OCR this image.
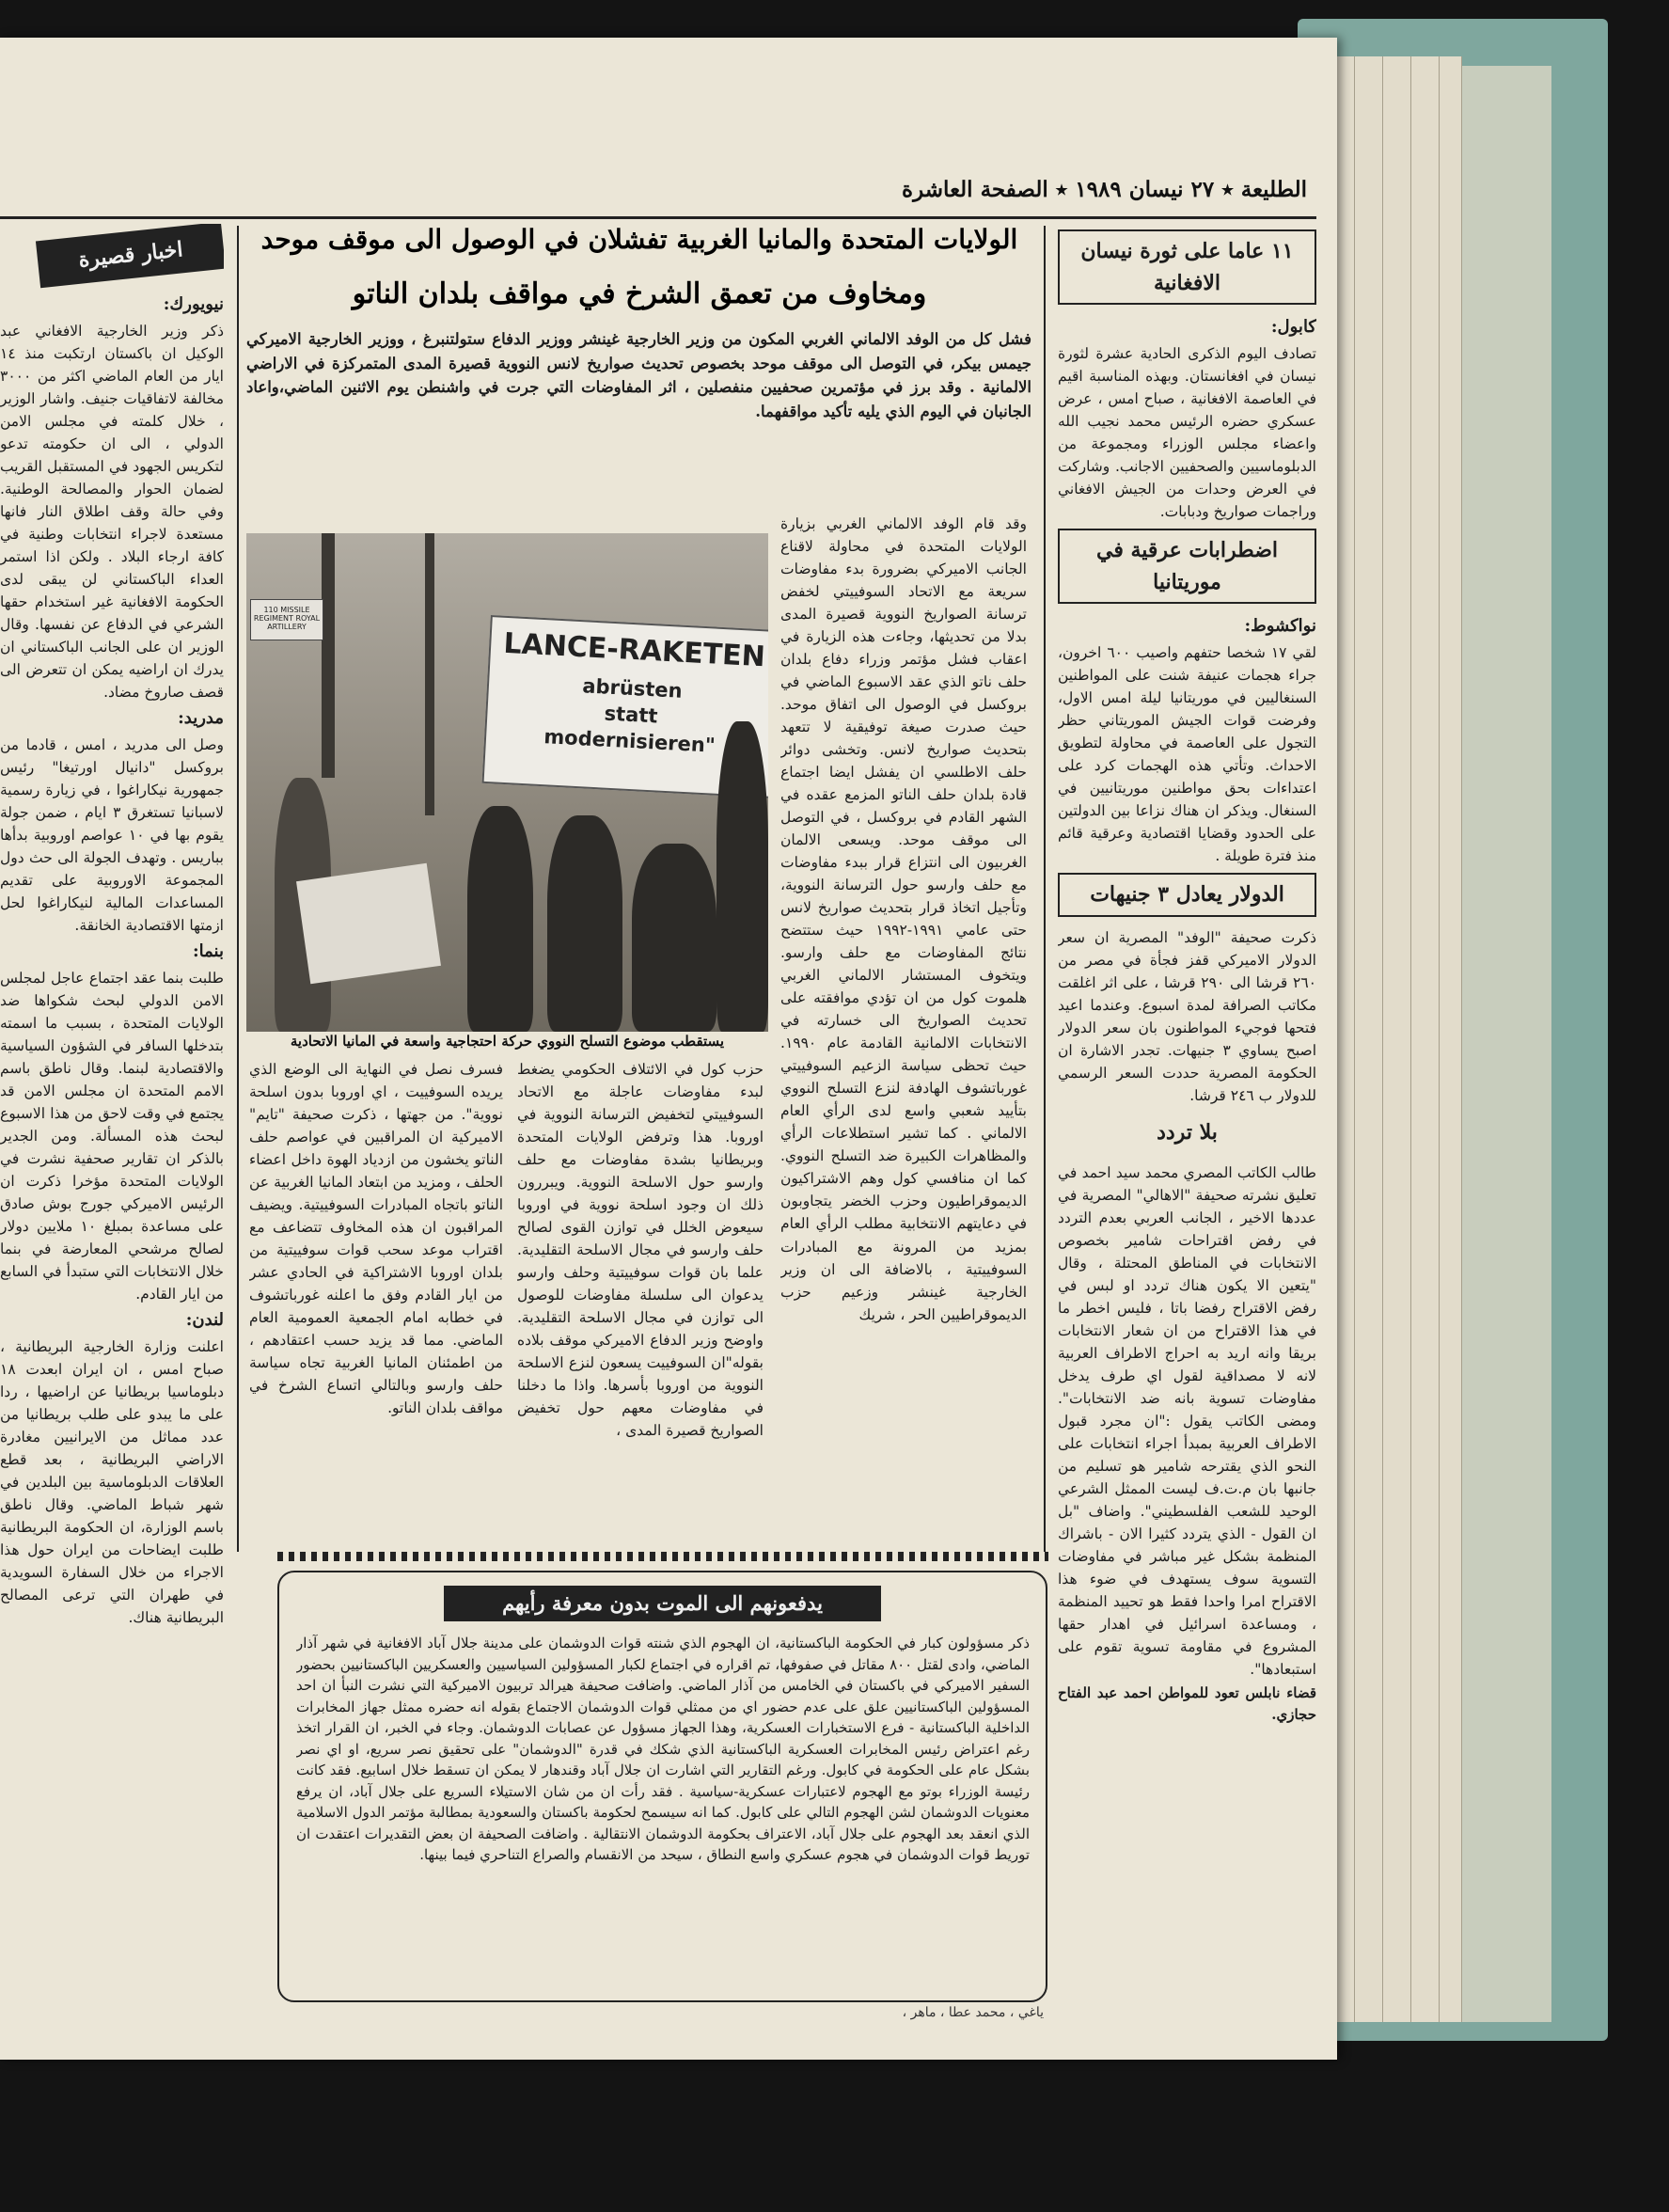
الطليعة ٭ ٢٧ نيسان ١٩٨٩ ٭ الصفحة العاشرة
الولايات المتحدة والمانيا الغربية تفشلان في الوصول الى موقف موحد
ومخاوف من تعمق الشرخ في مواقف بلدان الناتو

فشل كل من الوفد الالماني الغربي المكون من وزير الخارجية غينشر ووزير الدفاع ستولتنبرغ ، ووزير الخارجية الاميركي جيمس بيكر، في التوصل الى موقف موحد بخصوص تحديث صواريخ لانس النووية قصيرة المدى المتمركزة في الاراضي الالمانية . وقد برز في مؤتمرين صحفيين منفصلين ، اثر المفاوضات التي جرت في واشنطن يوم الاثنين الماضي،واعاد الجانبان في اليوم الذي يليه تأكيد مواقفهما.

110 MISSILE REGIMENT ROYAL ARTILLERY
LANCE-RAKETEN
abrüsten
statt
modernisieren"
يستقطب موضوع التسلح النووي حركة احتجاجية واسعة في المانيا الاتحادية

وقد قام الوفد الالماني الغربي بزيارة الولايات المتحدة في محاولة لاقناع الجانب الاميركي بضرورة بدء مفاوضات سريعة مع الاتحاد السوفييتي لخفض ترسانة الصواريخ النووية قصيرة المدى بدلا من تحديثها، وجاءت هذه الزيارة في اعقاب فشل مؤتمر وزراء دفاع بلدان حلف ناتو الذي عقد الاسبوع الماضي في بروكسل في الوصول الى اتفاق موحد. حيث صدرت صيغة توفيقية لا تتعهد بتحديث صواريخ لانس. وتخشى دوائر حلف الاطلسي ان يفشل ايضا اجتماع قادة بلدان حلف الناتو المزمع عقده في الشهر القادم في بروكسل ، في التوصل الى موقف موحد. ويسعى الالمان الغربيون الى انتزاع قرار ببدء مفاوضات مع حلف وارسو حول الترسانة النووية، وتأجيل اتخاذ قرار بتحديث صواريخ لانس حتى عامي ١٩٩١-١٩٩٢ حيث ستتضح نتائج المفاوضات مع حلف وارسو. ويتخوف المستشار الالماني الغربي هلموت كول من ان تؤدي موافقته على تحديث الصواريخ الى خسارته في الانتخابات الالمانية القادمة عام ١٩٩٠. حيث تحظى سياسة الزعيم السوفييتي غورباتشوف الهادفة لنزع التسلح النووي بتأييد شعبي واسع لدى الرأي العام الالماني . كما تشير استطلاعات الرأي والمظاهرات الكبيرة ضد التسلح النووي. كما ان منافسي كول وهم الاشتراكيون الديموقراطيون وحزب الخضر يتجاوبون في دعايتهم الانتخابية مطلب الرأي العام بمزيد من المرونة مع المبادرات السوفييتية ، بالاضافة الى ان وزير الخارجية غينشر وزعيم حزب الديموقراطيين الحر ، شريك

حزب كول في الائتلاف الحكومي يضغط لبدء مفاوضات عاجلة مع الاتحاد السوفييتي لتخفيض الترسانة النووية في اوروبا. هذا وترفض الولايات المتحدة وبريطانيا بشدة مفاوضات مع حلف وارسو حول الاسلحة النووية. ويبررون ذلك ان وجود اسلحة نووية في اوروبا سيعوض الخلل في توازن القوى لصالح حلف وارسو في مجال الاسلحة التقليدية. علما بان قوات سوفييتية وحلف وارسو يدعوان الى سلسلة مفاوضات للوصول الى توازن في مجال الاسلحة التقليدية. واوضح وزير الدفاع الاميركي موقف بلاده بقوله"ان السوفييت يسعون لنزع الاسلحة النووية من اوروبا بأسرها. واذا ما دخلنا في مفاوضات معهم حول تخفيض الصواريخ قصيرة المدى ،

فسرف نصل في النهاية الى الوضع الذي يريده السوفييت ، اي اوروبا بدون اسلحة نووية". من جهتها ، ذكرت صحيفة "تايم" الاميركية ان المراقبين في عواصم حلف الناتو يخشون من ازدياد الهوة داخل اعضاء الحلف ، ومزيد من ابتعاد المانيا الغربية عن الناتو باتجاه المبادرات السوفييتية. ويضيف المراقبون ان هذه المخاوف تتضاعف مع اقتراب موعد سحب قوات سوفييتية من بلدان اوروبا الاشتراكية في الحادي عشر من ايار القادم وفق ما اعلنه غورباتشوف في خطابه امام الجمعية العمومية العام الماضي. مما قد يزيد حسب اعتقادهم ، من اطمئنان المانيا الغربية تجاه سياسة حلف وارسو وبالتالي اتساع الشرخ في مواقف بلدان الناتو.

١١ عاما على ثورة نيسان الافغانية

كابول:

تصادف اليوم الذكرى الحادية عشرة لثورة نيسان في افغانستان. وبهذه المناسبة اقيم في العاصمة الافغانية ، صباح امس ، عرض عسكري حضره الرئيس محمد نجيب الله واعضاء مجلس الوزراء ومجموعة من الدبلوماسيين والصحفيين الاجانب. وشاركت في العرض وحدات من الجيش الافغاني وراجمات صواريخ ودبابات.

اضطرابات عرقية في موريتانيا

نواكشوط:

لقي ١٧ شخصا حتفهم واصيب ٦٠٠ اخرون، جراء هجمات عنيفة شنت على المواطنين السنغاليين في موريتانيا ليلة امس الاول، وفرضت قوات الجيش الموريتاني حظر التجول على العاصمة في محاولة لتطويق الاحداث. وتأتي هذه الهجمات كرد على اعتداءات بحق مواطنين موريتانيين في السنغال. ويذكر ان هناك نزاعا بين الدولتين على الحدود وقضايا اقتصادية وعرقية قائم منذ فترة طويلة .

الدولار يعادل ٣ جنيهات

ذكرت صحيفة "الوفد" المصرية ان سعر الدولار الاميركي قفز فجأة في مصر من ٢٦٠ قرشا الى ٢٩٠ قرشا ، على اثر اغلقت مكاتب الصرافة لمدة اسبوع. وعندما اعيد فتحها فوجيء المواطنون بان سعر الدولار اصبح يساوي ٣ جنيهات. تجدر الاشارة ان الحكومة المصرية حددت السعر الرسمي للدولار ب ٢٤٦ قرشا.

بلا تردد

طالب الكاتب المصري محمد سيد احمد في تعليق نشرته صحيفة "الاهالي" المصرية في عددها الاخير ، الجانب العربي بعدم التردد في رفض اقتراحات شامير بخصوص الانتخابات في المناطق المحتلة ، وقال "يتعين الا يكون هناك تردد او لبس في رفض الاقتراح رفضا باتا ، فليس اخطر ما في هذا الاقتراح من ان شعار الانتخابات بريقا وانه اريد به احراج الاطراف العربية لانه لا مصداقية لقول اي طرف يدخل مفاوضات تسوية بانه ضد الانتخابات". ومضى الكاتب يقول :"ان مجرد قبول الاطراف العربية بمبدأ اجراء انتخابات على النحو الذي يقترحه شامير هو تسليم من جانبها بان م.ت.ف ليست الممثل الشرعي الوحيد للشعب الفلسطيني". واضاف "بل ان القول - الذي يتردد كثيرا الان - باشراك المنظمة بشكل غير مباشر في مفاوضات التسوية سوف يستهدف في ضوء هذا الاقتراح امرا واحدا فقط هو تحييد المنظمة ، ومساعدة اسرائيل في اهدار حقها المشروع في مقاومة تسوية تقوم على استبعادها".

قضاء نابلس تعود للمواطن احمد عبد الفتاح حجازي.

اخبار قصيرة

نيويورك:

ذكر وزير الخارجية الافغاني عبد الوكيل ان باكستان ارتكبت منذ ١٤ ايار من العام الماضي اكثر من ٣٠٠٠ مخالفة لاتفاقيات جنيف. واشار الوزير ، خلال كلمته في مجلس الامن الدولي ، الى ان حكومته تدعو لتكريس الجهود في المستقبل القريب لضمان الحوار والمصالحة الوطنية. وفي حالة وقف اطلاق النار فانها مستعدة لاجراء انتخابات وطنية في كافة ارجاء البلاد . ولكن اذا استمر العداء الباكستاني لن يبقى لدى الحكومة الافغانية غير استخدام حقها الشرعي في الدفاع عن نفسها. وقال الوزير ان على الجانب الباكستاني ان يدرك ان اراضيه يمكن ان تتعرض الى قصف صاروخ مضاد.

مدريد:

وصل الى مدريد ، امس ، قادما من بروكسل "دانيال اورتيغا" رئيس جمهورية نيكاراغوا ، في زيارة رسمية لاسبانيا تستغرق ٣ ايام ، ضمن جولة يقوم بها في ١٠ عواصم اوروبية بدأها بباريس . وتهدف الجولة الى حث دول المجموعة الاوروبية على تقديم المساعدات المالية لنيكاراغوا لحل ازمتها الاقتصادية الخانقة.

بنما:

طلبت بنما عقد اجتماع عاجل لمجلس الامن الدولي لبحث شكواها ضد الولايات المتحدة ، بسبب ما اسمته بتدخلها السافر في الشؤون السياسية والاقتصادية لبنما. وقال ناطق باسم الامم المتحدة ان مجلس الامن قد يجتمع في وقت لاحق من هذا الاسبوع لبحث هذه المسألة. ومن الجدير بالذكر ان تقارير صحفية نشرت في الولايات المتحدة مؤخرا ذكرت ان الرئيس الاميركي جورج بوش صادق على مساعدة بمبلغ ١٠ ملايين دولار لصالح مرشحي المعارضة في بنما خلال الانتخابات التي ستبدأ في السابع من ايار القادم.

لندن:

اعلنت وزارة الخارجية البريطانية ، صباح امس ، ان ايران ابعدت ١٨ دبلوماسيا بريطانيا عن اراضيها ، ردا على ما يبدو على طلب بريطانيا من عدد مماثل من الايرانيين مغادرة الاراضي البريطانية ، بعد قطع العلاقات الدبلوماسية بين البلدين في شهر شباط الماضي. وقال ناطق باسم الوزارة، ان الحكومة البريطانية طلبت ايضاحات من ايران حول هذا الاجراء من خلال السفارة السويدية في طهران التي ترعى المصالح البريطانية هناك.

يدفعونهم الى الموت بدون معرفة رأيهم

ذكر مسؤولون كبار في الحكومة الباكستانية، ان الهجوم الذي شنته قوات الدوشمان على مدينة جلال آباد الافغانية في شهر آذار الماضي، وادى لقتل ٨٠٠ مقاتل في صفوفها، تم اقراره في اجتماع لكبار المسؤولين السياسيين والعسكريين الباكستانيين بحضور السفير الاميركي في باكستان في الخامس من آذار الماضي. واضافت صحيفة هيرالد تربيون الاميركية التي نشرت النبأ ان احد المسؤولين الباكستانيين علق على عدم حضور اي من ممثلي قوات الدوشمان الاجتماع بقوله انه حضره ممثل جهاز المخابرات الداخلية الباكستانية - فرع الاستخبارات العسكرية، وهذا الجهاز مسؤول عن عصابات الدوشمان. وجاء في الخبر، ان القرار اتخذ رغم اعتراض رئيس المخابرات العسكرية الباكستانية الذي شكك في قدرة "الدوشمان" على تحقيق نصر سريع، او اي نصر بشكل عام على الحكومة في كابول. ورغم التقارير التي اشارت ان جلال آباد وقندهار لا يمكن ان تسقط خلال اسابيع. فقد كانت رئيسة الوزراء بوتو مع الهجوم لاعتبارات عسكرية-سياسية . فقد رأت ان من شان الاستيلاء السريع على جلال آباد، ان يرفع معنويات الدوشمان لشن الهجوم التالي على كابول. كما انه سيسمح لحكومة باكستان والسعودية بمطالبة مؤتمر الدول الاسلامية الذي انعقد بعد الهجوم على جلال آباد، الاعتراف بحكومة الدوشمان الانتقالية . واضافت الصحيفة ان بعض التقديرات اعتقدت ان توريط قوات الدوشمان في هجوم عسكري واسع النطاق ، سيحد من الانقسام والصراع التناحري فيما بينها.

ياغي ، محمد عطا ، ماهر ،
